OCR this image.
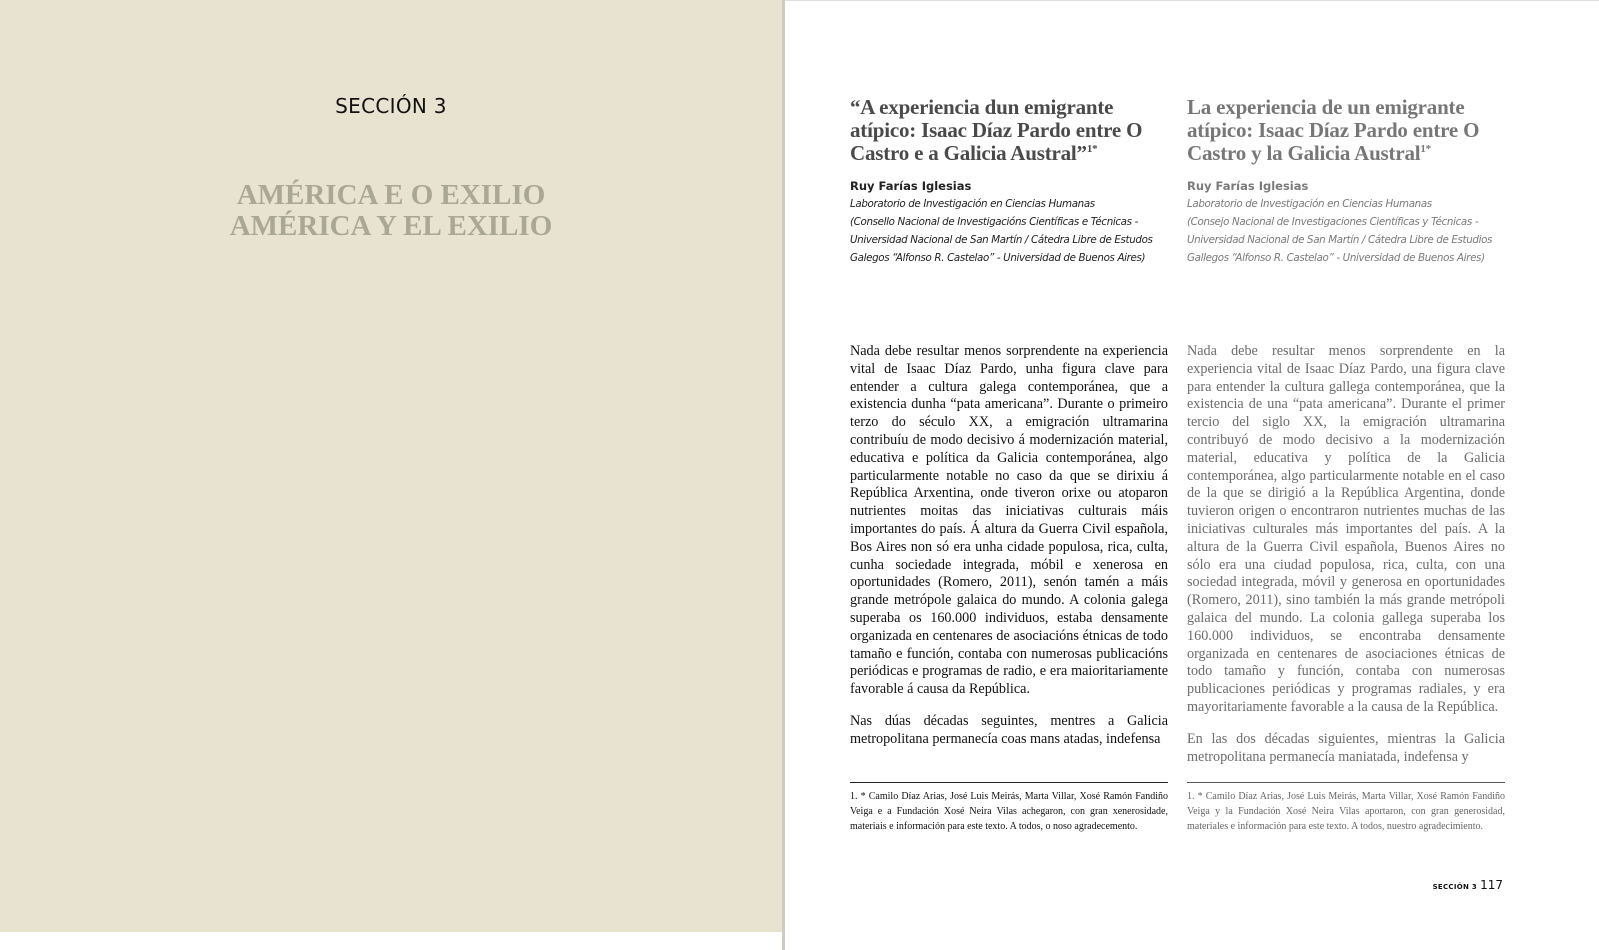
SECCIÓN 3
AMÉRICA E O EXILIO
AMÉRICA Y EL EXILIO
“A experiencia dun emigrante atípico: Isaac Díaz Pardo entre O Castro e a Galicia Austral”$^{1*}$
Ruy Farías Iglesias
Laboratorio de Investigación en Ciencias Humanas
(Consello Nacional de Investigacións Científicas e Técnicas -
Universidad Nacional de San Martín / Cátedra Libre de Estudos
Galegos “Alfonso R. Castelao” - Universidad de Buenos Aires)

Nada debe resultar menos sorprendente na experiencia vital de Isaac Díaz Pardo, unha figura clave para entender a cultura galega contemporánea, que a existencia dunha “pata americana”. Durante o primeiro terzo do século XX, a emigración ultramarina contribuíu de modo decisivo á modernización material, educativa e política da Galicia contemporánea, algo particularmente notable no caso da que se dirixiu á República Arxentina, onde tiveron orixe ou atoparon nutrientes moitas das iniciativas culturais máis importantes do país. Á altura da Guerra Civil española, Bos Aires non só era unha cidade populosa, rica, culta, cunha sociedade integrada, móbil e xenerosa en oportunidades (Romero, 2011), senón tamén a máis grande metrópole galaica do mundo. A colonia galega superaba os 160.000 individuos, estaba densamente organizada en centenares de asociacións étnicas de todo tamaño e función, contaba con numerosas publicacións periódicas e programas de radio, e era maioritariamente favorable á causa da República.

Nas dúas décadas seguintes, mentres a Galicia metropolitana permanecía coas mans atadas, indefensa

1. * Camilo Díaz Arias, José Luis Meirás, Marta Villar, Xosé Ramón Fandiño Veiga e a Fundación Xosé Neira Vilas achegaron, con gran xenerosidade, materiais e información para este texto. A todos, o noso agradecemento.
La experiencia de un emigrante atípico: Isaac Díaz Pardo entre O Castro y la Galicia Austral$^{1*}$
Ruy Farías Iglesias
Laboratorio de Investigación en Ciencias Humanas
(Consejo Nacional de Investigaciones Científicas y Técnicas -
Universidad Nacional de San Martín / Cátedra Libre de Estudios
Gallegos “Alfonso R. Castelao” - Universidad de Buenos Aires)

Nada debe resultar menos sorprendente en la experiencia vital de Isaac Díaz Pardo, una figura clave para entender la cultura gallega contemporánea, que la existencia de una “pata americana”. Durante el primer tercio del siglo XX, la emigración ultramarina contribuyó de modo decisivo a la modernización material, educativa y política de la Galicia contemporánea, algo particularmente notable en el caso de la que se dirigió a la República Argentina, donde tuvieron origen o encontraron nutrientes muchas de las iniciativas culturales más importantes del país. A la altura de la Guerra Civil española, Buenos Aires no sólo era una ciudad populosa, rica, culta, con una sociedad integrada, móvil y generosa en oportunidades (Romero, 2011), sino también la más grande metrópoli galaica del mundo. La colonia gallega superaba los 160.000 individuos, se encontraba densamente organizada en centenares de asociaciones étnicas de todo tamaño y función, contaba con numerosas publicaciones periódicas y programas radiales, y era mayoritariamente favorable a la causa de la República.

En las dos décadas siguientes, mientras la Galicia metropolitana permanecía maniatada, indefensa y

1. * Camilo Díaz Arias, José Luis Meirás, Marta Villar, Xosé Ramón Fandiño Veiga y la Fundación Xosé Neira Vilas aportaron, con gran generosidad, materiales e información para este texto. A todos, nuestro agradecimiento.
SECCIÓN 3 117
